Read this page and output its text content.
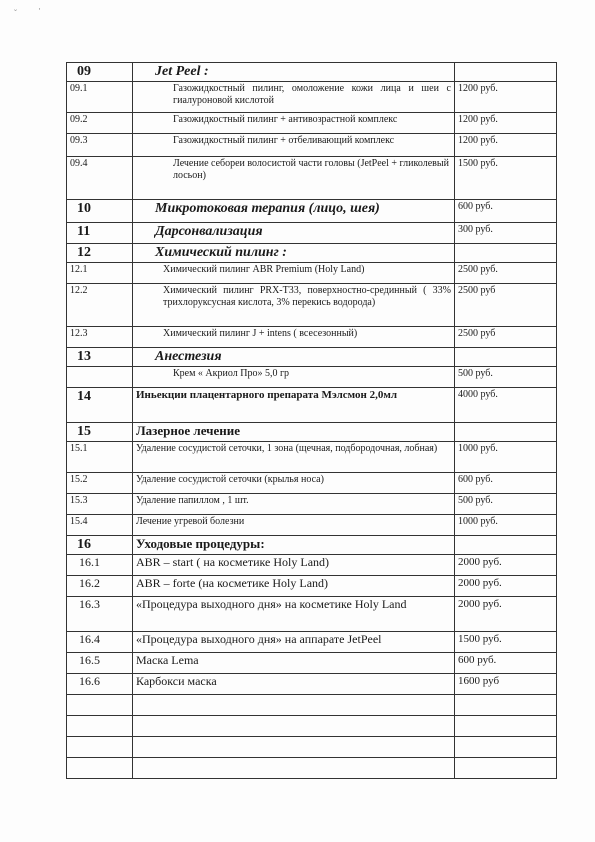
˘ ·
09	Jet Peel :	
09.1	Газожидкостный пилинг, омоложение кожи лица и шеи с гиалуроновой кислотой	1200 руб.
09.2	Газожидкостный пилинг + антивозрастной комплекс	1200 руб.
09.3	Газожидкостный пилинг + отбеливающий комплекс	1200 руб.
09.4	Лечение себореи волосистой части головы (JetPeel + гликолевый лосьон)	1500 руб.
10	Микротоковая терапия (лицо, шея)	600 руб.
11	Дарсонвализация	300 руб.
12	Химический пилинг :	
12.1	Химический пилинг ABR Premium (Holy Land)	2500 руб.
12.2	Химический пилинг PRX-T33, поверхностно-срединный ( 33% трихлоруксусная кислота, 3% перекись водорода)	2500 руб
12.3	Химический пилинг J + intens ( всесезонный)	2500 руб
13	Анестезия	
	Крем « Акриол Про» 5,0 гр	500 руб.
14	Иньекции плацентарного препарата Мэлсмон 2,0мл	4000 руб.
15	Лазерное лечение	
15.1	Удаление сосудистой сеточки, 1 зона (щечная, подбородочная, лобная)	1000 руб.
15.2	Удаление сосудистой сеточки (крылья носа)	600 руб.
15.3	Удаление папиллом , 1 шт.	500 руб.
15.4	Лечение угревой болезни	1000 руб.
16	Уходовые процедуры:	
16.1	ABR – start ( на косметике Holy Land)	2000 руб.
16.2	ABR – forte (на косметике Holy Land)	2000 руб.
16.3	«Процедура выходного дня» на косметике Holy Land	2000 руб.
16.4	«Процедура выходного дня» на аппарате JetPeel	1500 руб.
16.5	Маска Lema	600 руб.
16.6	Карбокси маска	1600 руб
